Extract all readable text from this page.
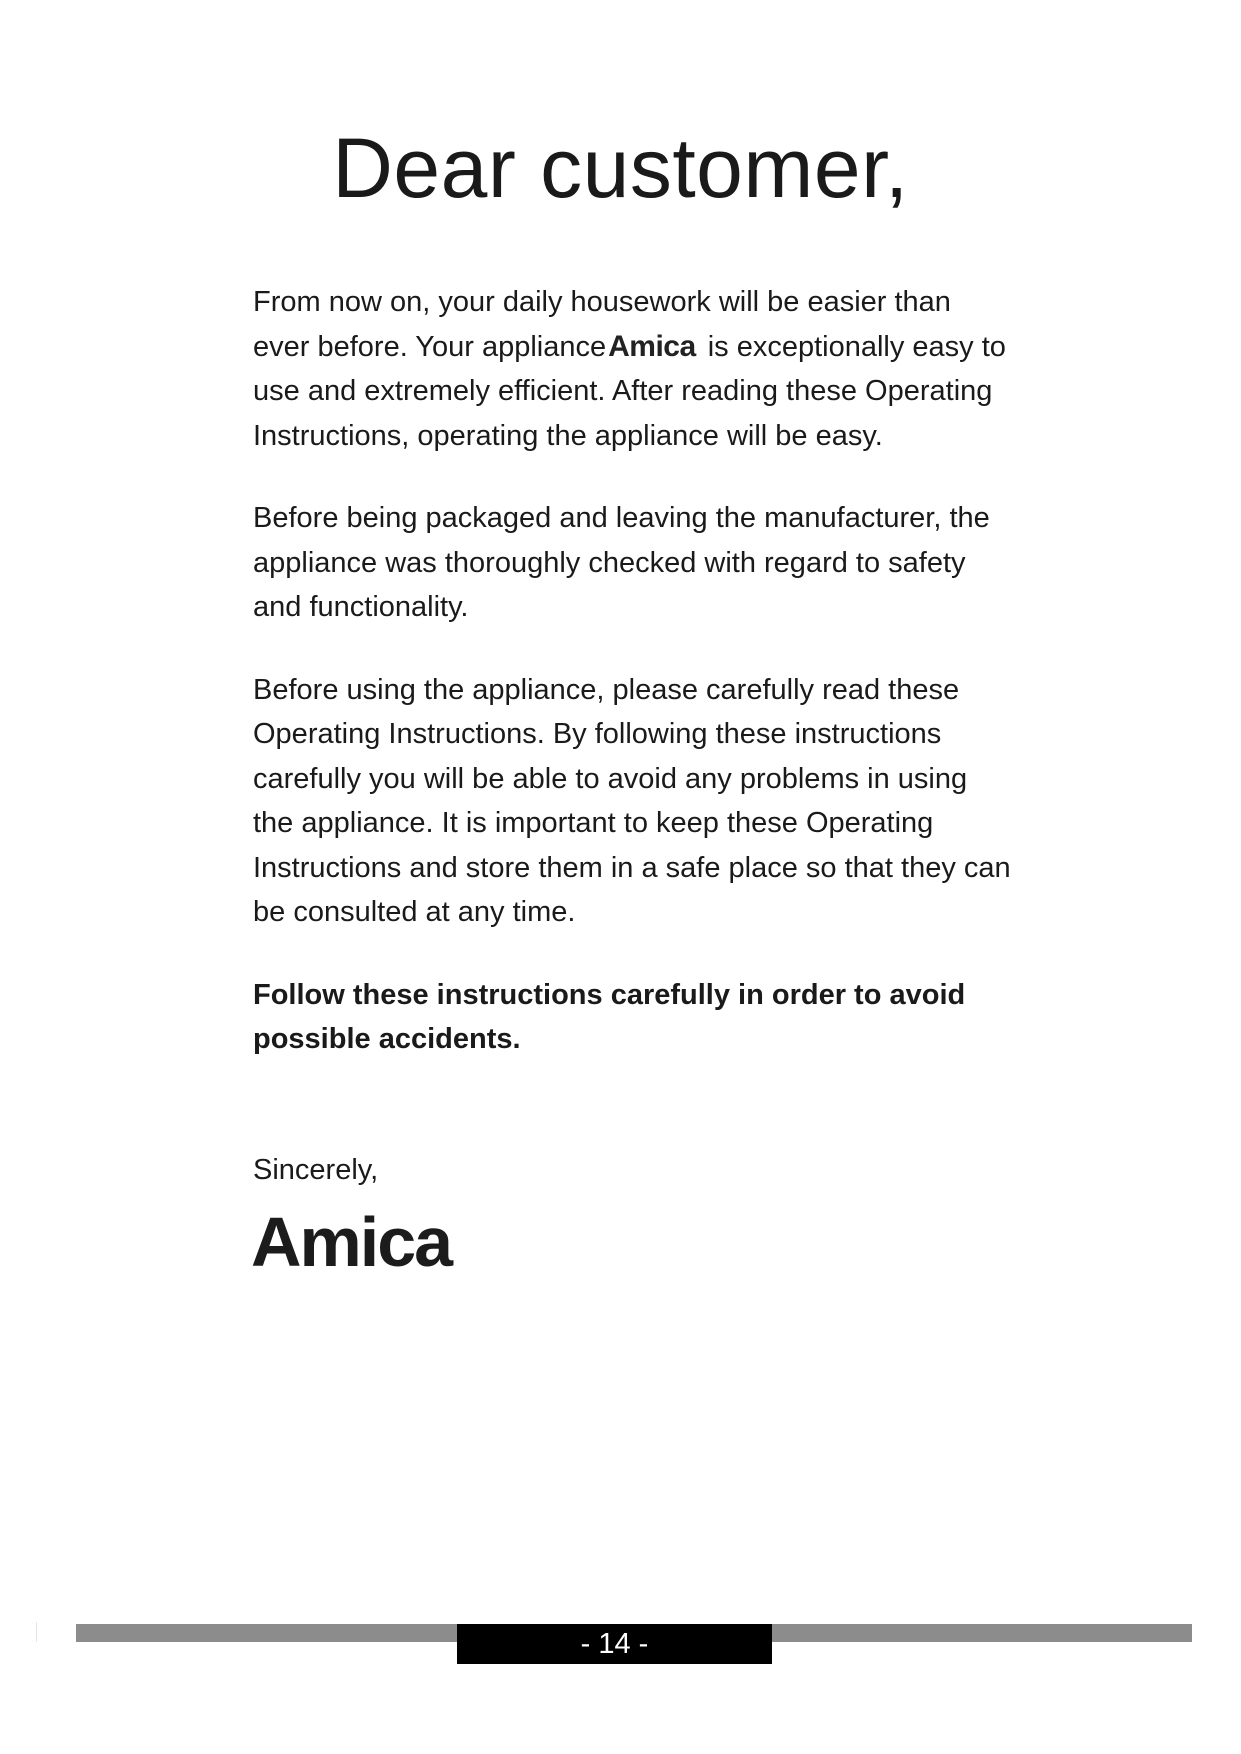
Dear customer,

From now on, your daily housework will be easier than ever before. Your applianceAmica is exceptionally easy to use and extremely efficient. After reading these Operating Instructions, operating the appliance will be easy.

Before being packaged and leaving the manufacturer, the appliance was thoroughly checked with regard to safety and functionality.

Before using the appliance, please carefully read these Operating Instructions. By following these instructions carefully you will be able to avoid any problems in using the appliance. It is important to keep these Operating Instructions and store them in a safe place so that they can be consulted at any time.

Follow these instructions carefully in order to avoid possible accidents.

Sincerely,

Amica
- 14 -
